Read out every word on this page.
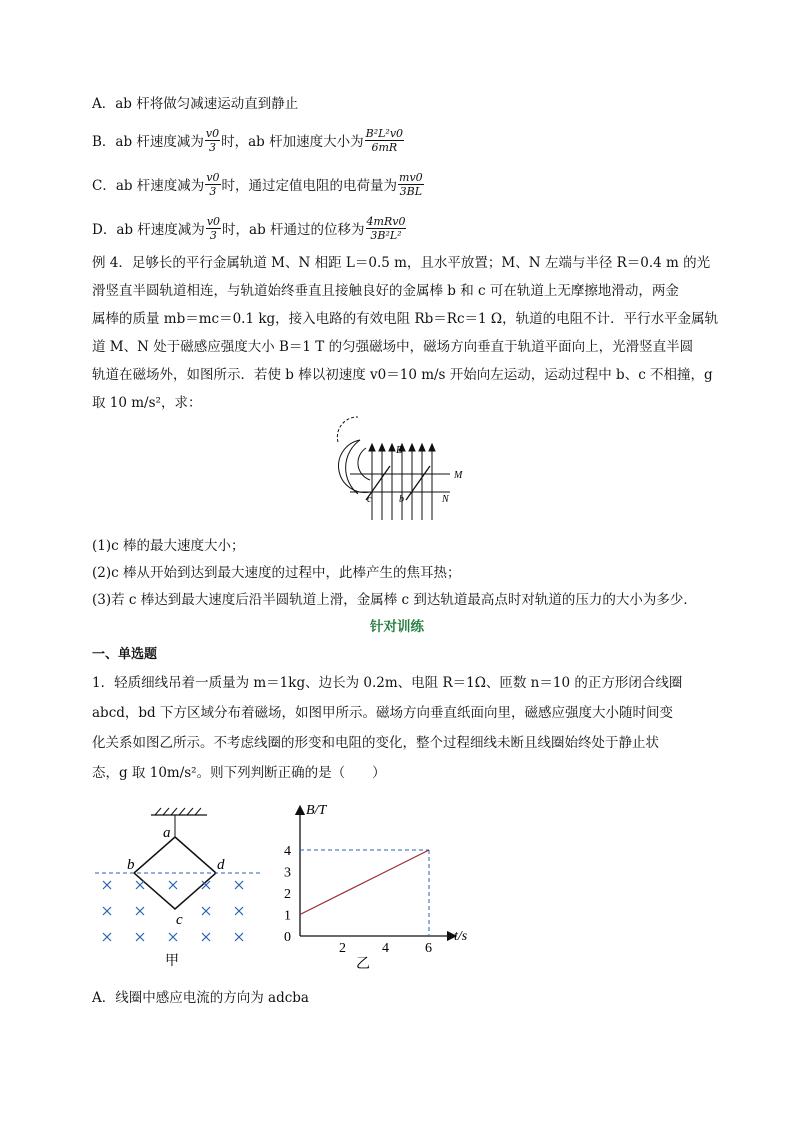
A．ab 杆将做匀减速运动直到静止
B．ab 杆速度减为 $\frac{v0}{3}$ 时，ab 杆加速度大小为 $\frac{\text{B²L²v0}}{6mR}$
C．ab 杆速度减为 $\frac{v0}{3}$ 时，通过定值电阻的电荷量为 $\frac{mv0}{3BL}$
D．ab 杆速度减为 $\frac{v0}{3}$ 时，ab 杆通过的位移为 $\frac{\text{4mRv0}}{\text{3B²L²}}$
例 4．足够长的平行金属轨道 M、N 相距 L＝0.5 m，且水平放置；M、N 左端与半径 R＝0.4 m 的光
滑竖直半圆轨道相连，与轨道始终垂直且接触良好的金属棒 b 和 c 可在轨道上无摩擦地滑动，两金
属棒的质量 mb＝mc＝0.1 kg，接入电路的有效电阻 Rb＝Rc＝1 Ω，轨道的电阻不计．平行水平金属轨
道 M、N 处于磁感应强度大小 B＝1 T 的匀强磁场中，磁场方向垂直于轨道平面向上，光滑竖直半圆
轨道在磁场外，如图所示．若使 b 棒以初速度 v0＝10 m/s 开始向左运动，运动过程中 b、c 不相撞，g
取 10 m/s²，求：
B
M
N
c	b
(1)c 棒的最大速度大小；
(2)c 棒从开始到达到最大速度的过程中，此棒产生的焦耳热；
(3)若 c 棒达到最大速度后沿半圆轨道上滑，金属棒 c 到达轨道最高点时对轨道的压力的大小为多少．
针对训练
一、单选题
1．轻质细线吊着一质量为 m＝1kg、边长为 0.2m、电阻 R＝1Ω、匝数 n＝10 的正方形闭合线圈
abcd，bd 下方区域分布着磁场，如图甲所示。磁场方向垂直纸面向里，磁感应强度大小随时间变
化关系如图乙所示。不考虑线圈的形变和电阻的变化，整个过程细线未断且线圈始终处于静止状
态，g 取 10m/s²。则下列判断正确的是（　　）
a
b	d
c
甲
B/T
t/s
0
1
2
3
4
2	4	6
乙
A．线圈中感应电流的方向为 adcba
